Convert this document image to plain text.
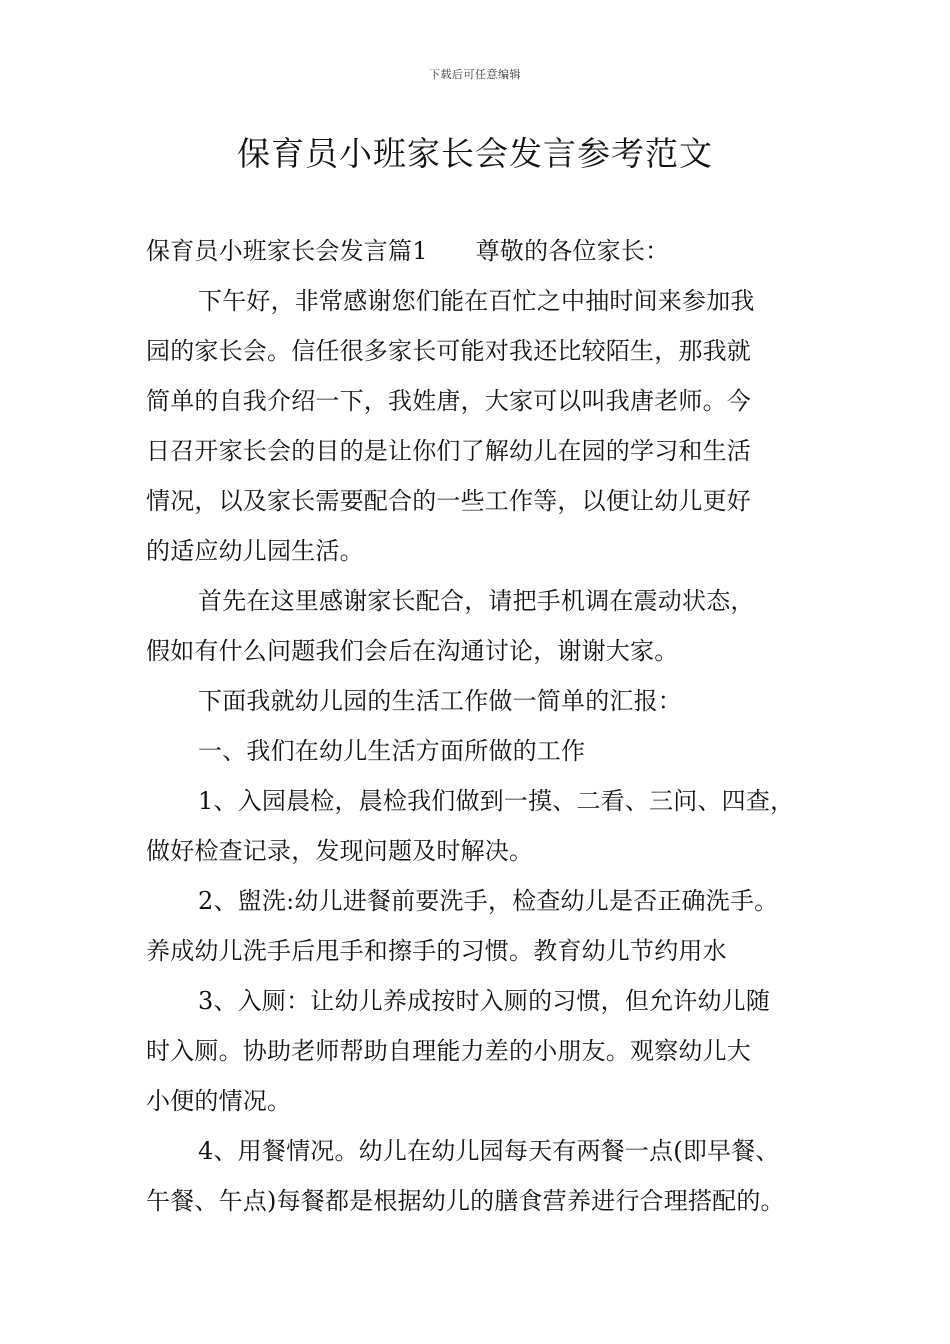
下载后可任意编辑
保育员小班家长会发言参考范文
保育员小班家长会发言篇1 尊敬的各位家长：
下午好，非常感谢您们能在百忙之中抽时间来参加我
园的家长会。信任很多家长可能对我还比较陌生，那我就
简单的自我介绍一下，我姓唐，大家可以叫我唐老师。今
日召开家长会的目的是让你们了解幼儿在园的学习和生活
情况，以及家长需要配合的一些工作等，以便让幼儿更好
的适应幼儿园生活。
首先在这里感谢家长配合，请把手机调在震动状态，
假如有什么问题我们会后在沟通讨论，谢谢大家。
下面我就幼儿园的生活工作做一简单的汇报：
一、我们在幼儿生活方面所做的工作
1、入园晨检，晨检我们做到一摸、二看、三问、四查，
做好检查记录，发现问题及时解决。
2、盥洗:幼儿进餐前要洗手，检查幼儿是否正确洗手。
养成幼儿洗手后甩手和擦手的习惯。教育幼儿节约用水
3、入厕：让幼儿养成按时入厕的习惯，但允许幼儿随
时入厕。协助老师帮助自理能力差的小朋友。观察幼儿大
小便的情况。
4、用餐情况。幼儿在幼儿园每天有两餐一点(即早餐、
午餐、午点)每餐都是根据幼儿的膳食营养进行合理搭配的。
